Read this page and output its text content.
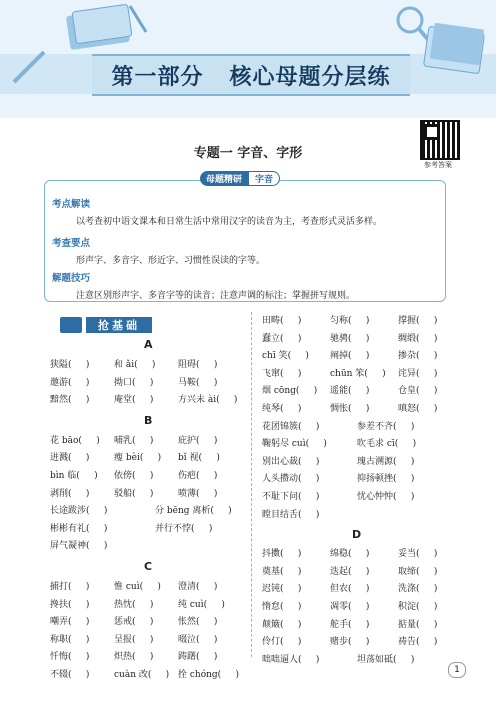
第一部分   核心母题分层练
专题一 字音、字形
参考答案
母题精研	字音
考点解读
以考查初中语文课本和日常生活中常用汉字的读音为主，考查形式灵活多样。
考查要点
形声字、多音字、形近字、习惯性误读的字等。
解题技巧
注意区别形声字、多音字等的读音；注意声调的标注；掌握拼写规则。
抢基础
A
狭隘(     )	和 ǎi(     )	阻碍(     )
邀游(     )	拗口(     )	马鞍(     )
黯然(     )	庵堂(     )	方兴未 ài(     )
B
花 bāo(     ) 哺乳(     )	庇护(     )
迸溅(     )	瘦 bèi(     ) bǐ 视(     )
bìn 临(     ) 依傍(     )	伤疤(     )
剥削(     )	驳船(     )	喷薄(     )
长途跋涉(     )	分 bēng 离析(     )
彬彬有礼(     )	并行不悖(     )
屏气凝神(     )
C
捕打(     )	惟 cuì(     ) 澄清(     )
搀扶(     )	热忱(     )	纯 cuì(     )
嘲弄(     )	惩戒(     )	怅然(     )
称职(     )	呈报(     )	啜泣(     )
忏悔(     )	炽热(     )	踌躇(     )
不辍(     )	cuàn 改(     ) 拴 chóng(     )
田畴(     )	匀称(     )	撑握(     )
蠢立(     )	驰骋(     )	绸缎(     )
chī 笑(     ) 阐掉(     )	掺杂(     )
飞窜(     )	chūn 笨(     ) 诧异(     )
烟 cōng(     ) 遥能(     )	仓皇(     )
纯琴(     )	惆怅(     )	嗔怒(     )
花团锦簇(     )	参差不齐(     )
鞠躬尽 cuì(     )	吹毛求 cī(     )
别出心裁(     )	瑰古溯源(     )
人头攒动(     )	抑扬顿挫(     )
不耻下问(     )	忧心忡忡(     )
瞠目结舌(     )
D
抖擞(     )	绵稳(     )	妥当(     )
奠基(     )	迭起(     )	取缔(     )
迟钝(     )	但农(     )	洗涤(     )
惰怠(     )	凋零(     )	积淀(     )
颠簸(     )	舵手(     )	掂量(     )
伶仃(     )	赌步(     )	祷告(     )
咄咄逼人(     )	坦荡如砥(     )
1
